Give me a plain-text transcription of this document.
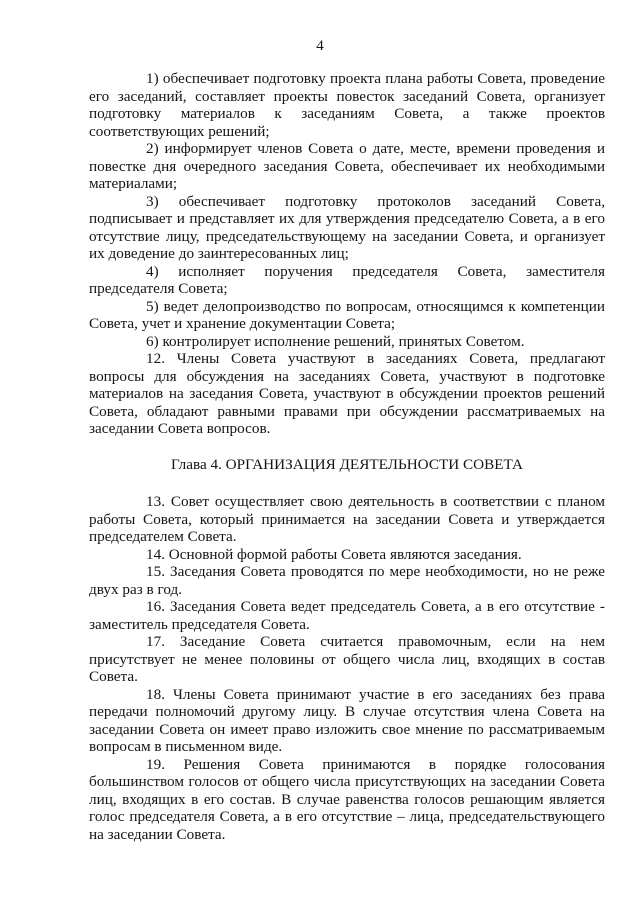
4

1) обеспечивает подготовку проекта плана работы Совета, проведение его заседаний, составляет проекты повесток заседаний Совета, организует подготовку материалов к заседаниям Совета, а также проектов соответствующих решений;

2) информирует членов Совета о дате, месте, времени проведения и повестке дня очередного заседания Совета, обеспечивает их необходимыми материалами;

3) обеспечивает подготовку протоколов заседаний Совета, подписывает и представляет их для утверждения председателю Совета, а в его отсутствие лицу, председательствующему на заседании Совета, и организует их доведение до заинтересованных лиц;

4) исполняет поручения председателя Совета, заместителя председателя Совета;

5) ведет делопроизводство по вопросам, относящимся к компетенции Совета, учет и хранение документации Совета;

6) контролирует исполнение решений, принятых Советом.

12. Члены Совета участвуют в заседаниях Совета, предлагают вопросы для обсуждения на заседаниях Совета, участвуют в подготовке материалов на заседания Совета, участвуют в обсуждении проектов решений Совета, обладают равными правами при обсуждении рассматриваемых на заседании Совета вопросов.

Глава 4. ОРГАНИЗАЦИЯ ДЕЯТЕЛЬНОСТИ СОВЕТА

13. Совет осуществляет свою деятельность в соответствии с планом работы Совета, который принимается на заседании Совета и утверждается председателем Совета.

14. Основной формой работы Совета являются заседания.

15. Заседания Совета проводятся по мере необходимости, но не реже двух раз в год.

16. Заседания Совета ведет председатель Совета, а в его отсутствие - заместитель председателя Совета.

17. Заседание Совета считается правомочным, если на нем присутствует не менее половины от общего числа лиц, входящих в состав Совета.

18. Члены Совета принимают участие в его заседаниях без права передачи полномочий другому лицу. В случае отсутствия члена Совета на заседании Совета он имеет право изложить свое мнение по рассматриваемым вопросам в письменном виде.

19. Решения Совета принимаются в порядке голосования большинством голосов от общего числа присутствующих на заседании Совета лиц, входящих в его состав. В случае равенства голосов решающим является голос председателя Совета, а в его отсутствие – лица, председательствующего на заседании Совета.
